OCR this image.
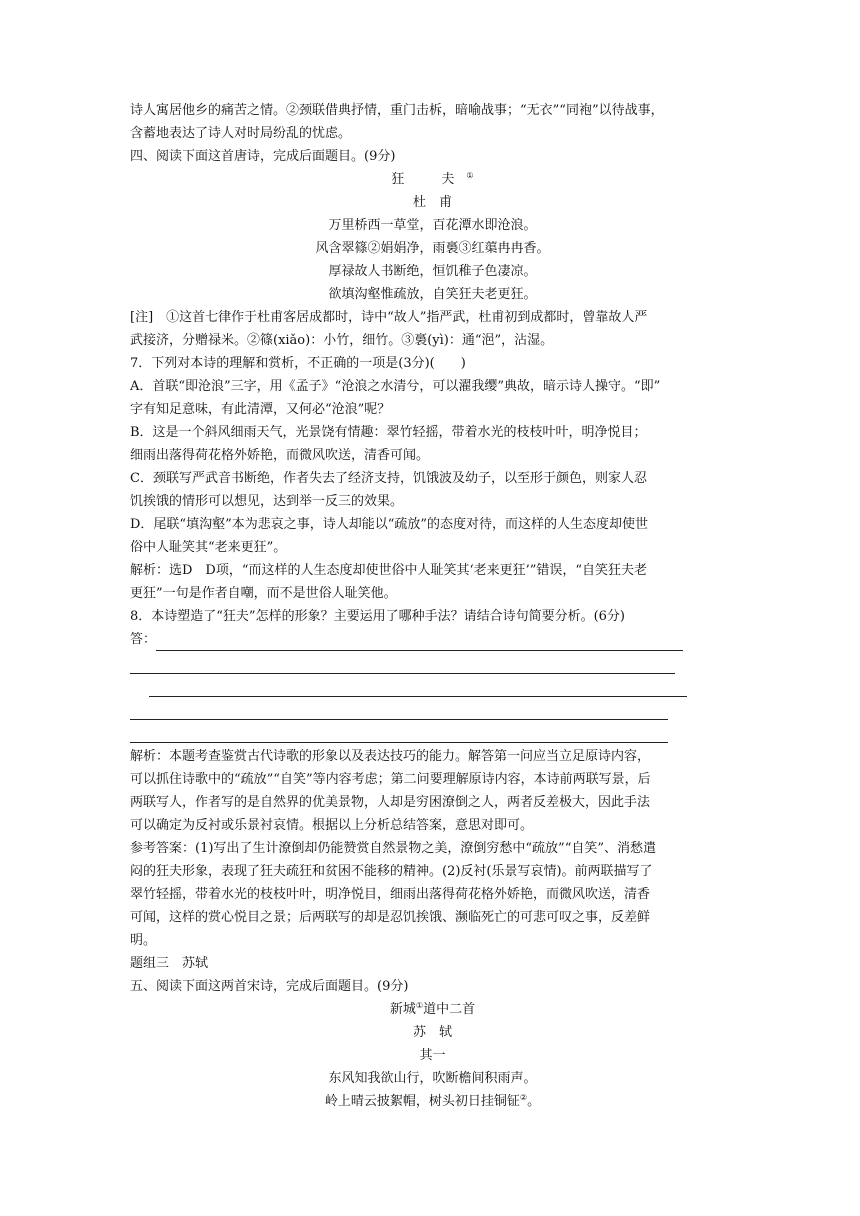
诗人寓居他乡的痛苦之情。②颈联借典抒情，重门击柝，暗喻战事；“无衣”“同袍”以待战事，

含蓄地表达了诗人对时局纷乱的忧虑。

四、阅读下面这首唐诗，完成后面题目。(9分)

狂　夫①

杜　甫

万里桥西一草堂，百花潭水即沧浪。

风含翠篠②娟娟净，雨裛③红蕖冉冉香。

厚禄故人书断绝，恒饥稚子色凄凉。

欲填沟壑惟疏放，自笑狂夫老更狂。

[注]　①这首七律作于杜甫客居成都时，诗中“故人”指严武，杜甫初到成都时，曾靠故人严

武接济，分赠禄米。②篠(xiǎo)：小竹，细竹。③裛(yì)：通“浥”，沾湿。

7．下列对本诗的理解和赏析，不正确的一项是(3分)(　　)

A．首联“即沧浪”三字，用《孟子》“沧浪之水清兮，可以濯我缨”典故，暗示诗人操守。“即”

字有知足意味，有此清潭，又何必“沧浪”呢？

B．这是一个斜风细雨天气，光景饶有情趣：翠竹轻摇，带着水光的枝枝叶叶，明净悦目；

细雨出落得荷花格外娇艳，而微风吹送，清香可闻。

C．颈联写严武音书断绝，作者失去了经济支持，饥饿波及幼子，以至形于颜色，则家人忍

饥挨饿的情形可以想见，达到举一反三的效果。

D．尾联“填沟壑”本为悲哀之事，诗人却能以“疏放”的态度对待，而这样的人生态度却使世

俗中人耻笑其“老来更狂”。

解析：选D　D项，“而这样的人生态度却使世俗中人耻笑其‘老来更狂’”错误，“自笑狂夫老

更狂”一句是作者自嘲，而不是世俗人耻笑他。

8．本诗塑造了“狂夫”怎样的形象？主要运用了哪种手法？请结合诗句简要分析。(6分)

答：

解析：本题考查鉴赏古代诗歌的形象以及表达技巧的能力。解答第一问应当立足原诗内容，

可以抓住诗歌中的“疏放”“自笑”等内容考虑；第二问要理解原诗内容，本诗前两联写景，后

两联写人，作者写的是自然界的优美景物，人却是穷困潦倒之人，两者反差极大，因此手法

可以确定为反衬或乐景衬哀情。根据以上分析总结答案，意思对即可。

参考答案：(1)写出了生计潦倒却仍能赞赏自然景物之美，潦倒穷愁中“疏放”“自笑”、消愁遣

闷的狂夫形象，表现了狂夫疏狂和贫困不能移的精神。(2)反衬(乐景写哀情)。前两联描写了

翠竹轻摇，带着水光的枝枝叶叶，明净悦目，细雨出落得荷花格外娇艳，而微风吹送，清香

可闻，这样的赏心悦目之景；后两联写的却是忍饥挨饿、濒临死亡的可悲可叹之事，反差鲜

明。

题组三　苏轼

五、阅读下面这两首宋诗，完成后面题目。(9分)

新城①道中二首

苏　轼

其一

东风知我欲山行，吹断檐间积雨声。

岭上晴云披絮帽，树头初日挂铜钲②。
